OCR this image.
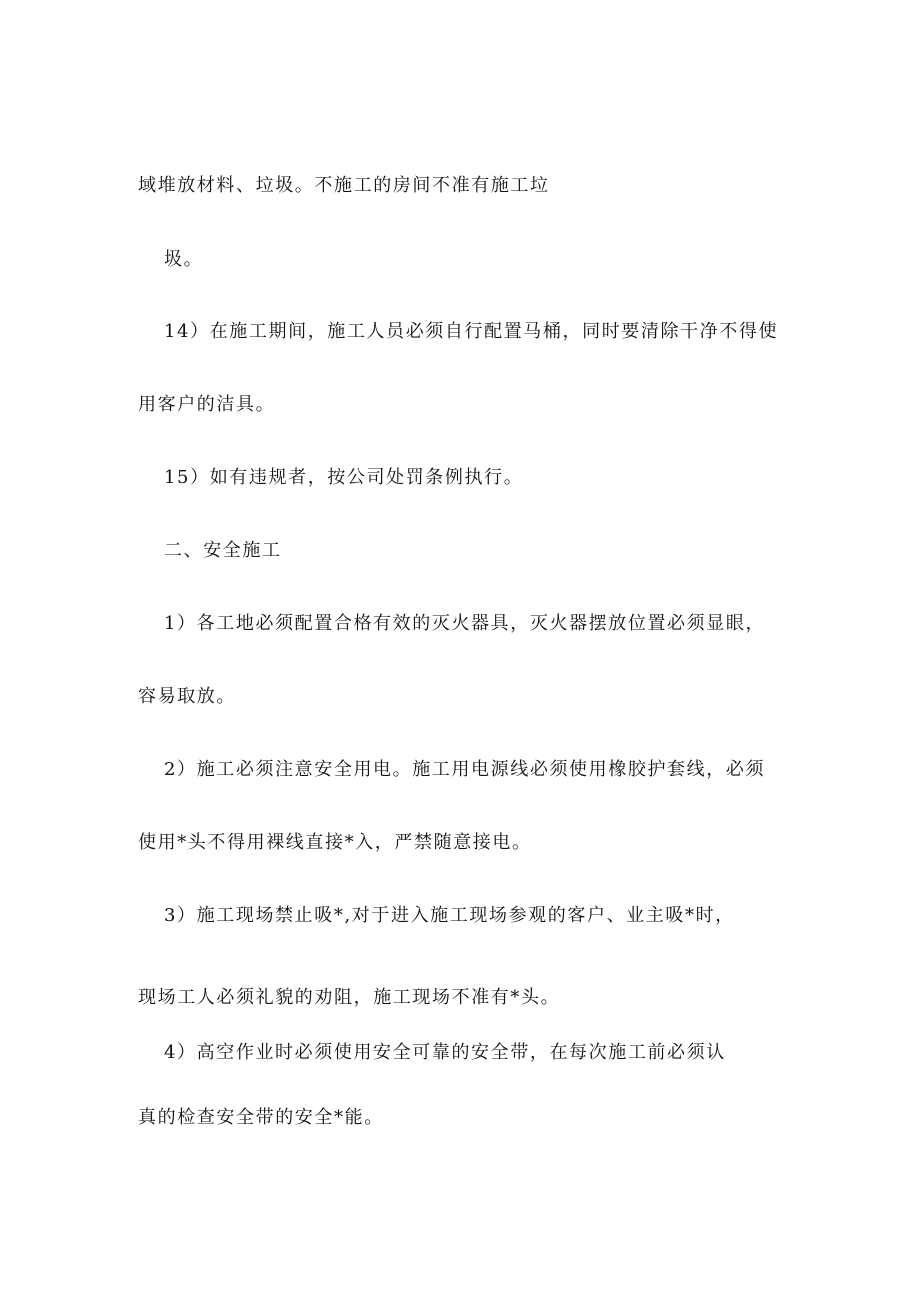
域堆放材料、垃圾。不施工的房间不准有施工垃
圾。
14）在施工期间，施工人员必须自行配置马桶，同时要清除干净不得使
用客户的洁具。
15）如有违规者，按公司处罚条例执行。
二、安全施工
1）各工地必须配置合格有效的灭火器具，灭火器摆放位置必须显眼，
容易取放。
2）施工必须注意安全用电。施工用电源线必须使用橡胶护套线，必须
使用*头不得用裸线直接*入，严禁随意接电。
3）施工现场禁止吸*,对于进入施工现场参观的客户、业主吸*时，
现场工人必须礼貌的劝阻，施工现场不准有*头。
4）高空作业时必须使用安全可靠的安全带，在每次施工前必须认
真的检查安全带的安全*能。
